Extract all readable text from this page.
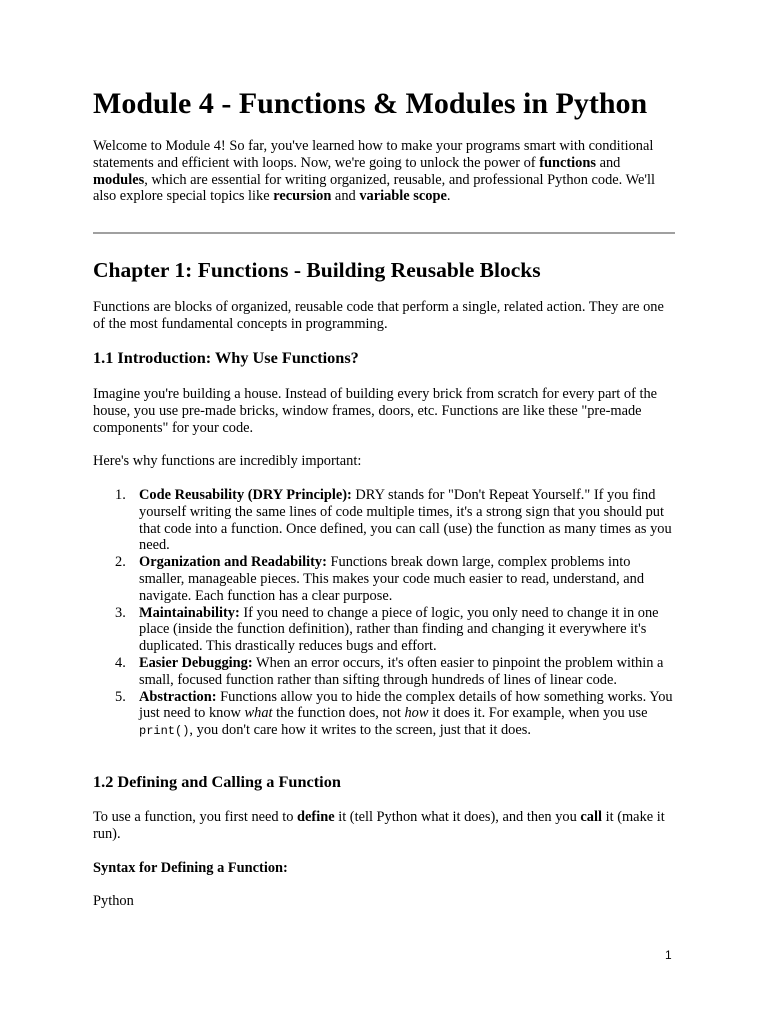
Module 4 - Functions & Modules in Python

Welcome to Module 4! So far, you've learned how to make your programs smart with conditional statements and efficient with loops. Now, we're going to unlock the power of functions and modules, which are essential for writing organized, reusable, and professional Python code. We'll also explore special topics like recursion and variable scope.

Chapter 1: Functions - Building Reusable Blocks

Functions are blocks of organized, reusable code that perform a single, related action. They are one of the most fundamental concepts in programming.

1.1 Introduction: Why Use Functions?

Imagine you're building a house. Instead of building every brick from scratch for every part of the house, you use pre-made bricks, window frames, doors, etc. Functions are like these "pre-made components" for your code.

Here's why functions are incredibly important:

1. Code Reusability (DRY Principle): DRY stands for "Don't Repeat Yourself." If you find yourself writing the same lines of code multiple times, it's a strong sign that you should put that code into a function. Once defined, you can call (use) the function as many times as you need.
2. Organization and Readability: Functions break down large, complex problems into smaller, manageable pieces. This makes your code much easier to read, understand, and navigate. Each function has a clear purpose.
3. Maintainability: If you need to change a piece of logic, you only need to change it in one place (inside the function definition), rather than finding and changing it everywhere it's duplicated. This drastically reduces bugs and effort.
4. Easier Debugging: When an error occurs, it's often easier to pinpoint the problem within a small, focused function rather than sifting through hundreds of lines of linear code.
5. Abstraction: Functions allow you to hide the complex details of how something works. You just need to know what the function does, not how it does it. For example, when you use print(), you don't care how it writes to the screen, just that it does.
1.2 Defining and Calling a Function

To use a function, you first need to define it (tell Python what it does), and then you call it (make it run).

Syntax for Defining a Function:

Python

1
